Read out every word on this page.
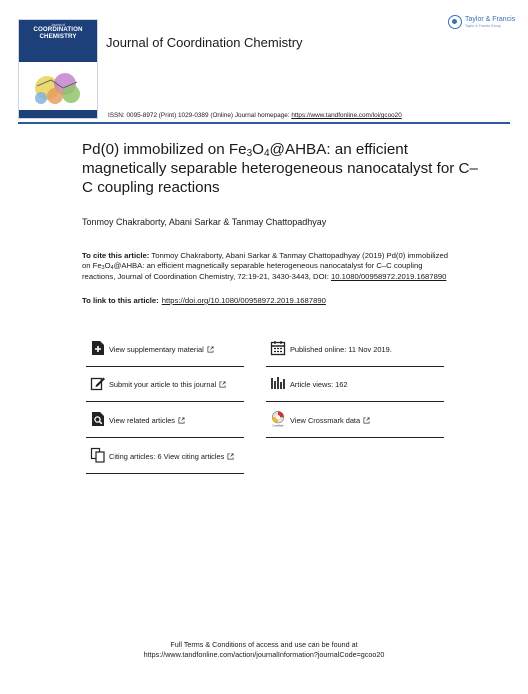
Journal of
COORDINATION
CHEMISTRY	Journal of Coordination Chemistry
Taylor & Francis
Taylor & Francis Group
ISSN: 0095-8972 (Print) 1029-0389 (Online) Journal homepage: https://www.tandfonline.com/loi/gcoo20
Pd(0) immobilized on $Fe_3O_4@AHBA$: an efficient magnetically separable heterogeneous nanocatalyst for C–C coupling reactions
Tonmoy Chakraborty, Abani Sarkar & Tanmay Chattopadhyay
To cite this article: Tonmoy Chakraborty, Abani Sarkar & Tanmay Chattopadhyay (2019) Pd(0) immobilized on $Fe_3O_4@AHBA$: an efficient magnetically separable heterogeneous nanocatalyst for C–C coupling reactions, Journal of Coordination Chemistry, 72:19-21, 3430-3443, DOI: 10.1080/00958972.2019.1687890
To link to this article: https://doi.org/10.1080/00958972.2019.1687890
View supplementary material
Submit your article to this journal
View related articles
Citing articles: 6 View citing articles
Published online: 11 Nov 2019.
Article views: 162
CrossMark
View Crossmark data
Full Terms & Conditions of access and use can be found at
https://www.tandfonline.com/action/journalInformation?journalCode=gcoo20
